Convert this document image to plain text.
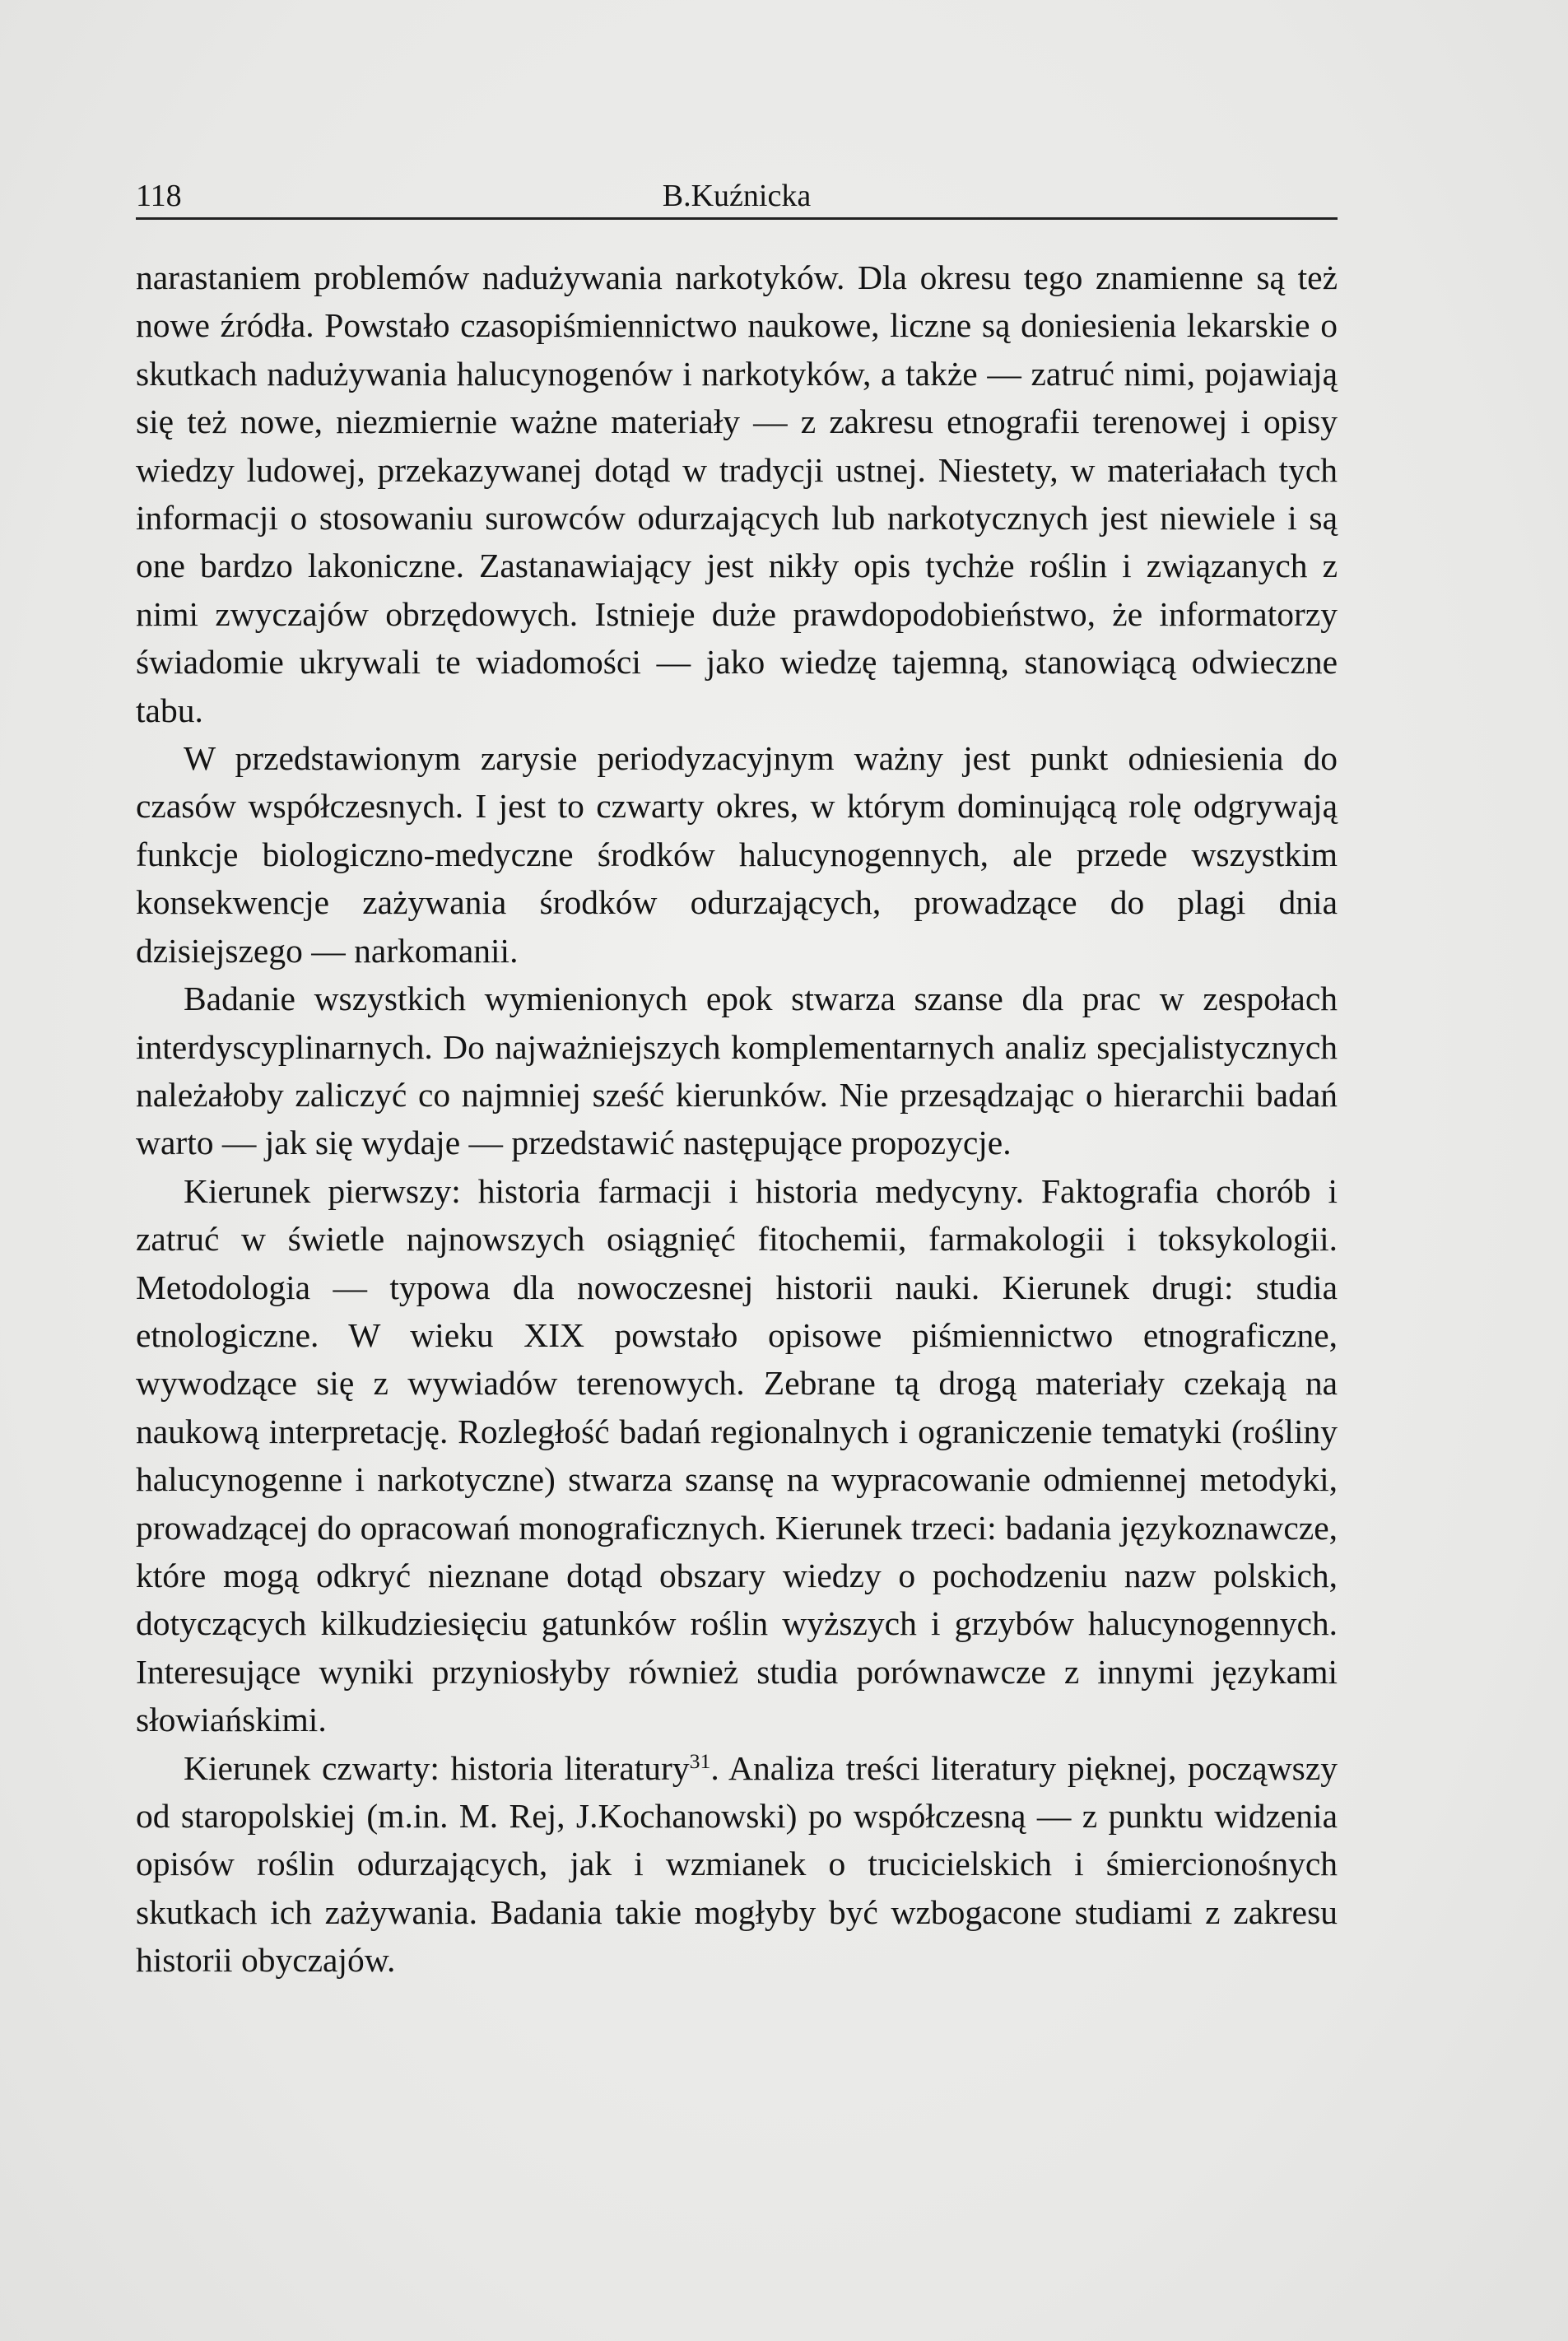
118	B.Kuźnicka

narastaniem problemów nadużywania narkotyków. Dla okresu tego znamienne są też nowe źródła. Powstało czasopiśmiennictwo naukowe, liczne są doniesienia lekarskie o skutkach nadużywania halucynogenów i narkotyków, a także — zatruć nimi, pojawiają się też nowe, niezmiernie ważne materiały — z zakresu etnografii terenowej i opisy wiedzy ludowej, przekazywanej dotąd w tradycji ustnej. Niestety, w materiałach tych informacji o stosowaniu surowców odurzających lub narkotycznych jest niewiele i są one bardzo lakoniczne. Zastanawiający jest nikły opis tychże roślin i związanych z nimi zwyczajów obrzędowych. Istnieje duże prawdopodobieństwo, że informatorzy świadomie ukrywali te wiadomości — jako wiedzę tajemną, stanowiącą odwieczne tabu.

W przedstawionym zarysie periodyzacyjnym ważny jest punkt odniesienia do czasów współczesnych. I jest to czwarty okres, w którym dominującą rolę odgrywają funkcje biologiczno-medyczne środków halucynogennych, ale przede wszystkim konsekwencje zażywania środków odurzających, prowadzące do plagi dnia dzisiejszego — narkomanii.

Badanie wszystkich wymienionych epok stwarza szanse dla prac w zespołach interdyscyplinarnych. Do najważniejszych komplementarnych analiz specjalistycznych należałoby zaliczyć co najmniej sześć kierunków. Nie przesądzając o hierarchii badań warto — jak się wydaje — przedstawić następujące propozycje.

Kierunek pierwszy: historia farmacji i historia medycyny. Faktografia chorób i zatruć w świetle najnowszych osiągnięć fitochemii, farmakologii i toksykologii. Metodologia — typowa dla nowoczesnej historii nauki. Kierunek drugi: studia etnologiczne. W wieku XIX powstało opisowe piśmiennictwo etnograficzne, wywodzące się z wywiadów terenowych. Zebrane tą drogą materiały czekają na naukową interpretację. Rozległość badań regionalnych i ograniczenie tematyki (rośliny halucynogenne i narkotyczne) stwarza szansę na wypracowanie odmiennej metodyki, prowadzącej do opracowań monograficznych. Kierunek trzeci: badania językoznawcze, które mogą odkryć nieznane dotąd obszary wiedzy o pochodzeniu nazw polskich, dotyczących kilkudziesięciu gatunków roślin wyższych i grzybów halucynogennych. Interesujące wyniki przyniosłyby również studia porównawcze z innymi językami słowiańskimi.

Kierunek czwarty: historia literatury$^{31}$. Analiza treści literatury pięknej, począwszy od staropolskiej (m.in. M. Rej, J.Kochanowski) po współczesną — z punktu widzenia opisów roślin odurzających, jak i wzmianek o trucicielskich i śmiercionośnych skutkach ich zażywania. Badania takie mogłyby być wzbogacone studiami z zakresu historii obyczajów.
